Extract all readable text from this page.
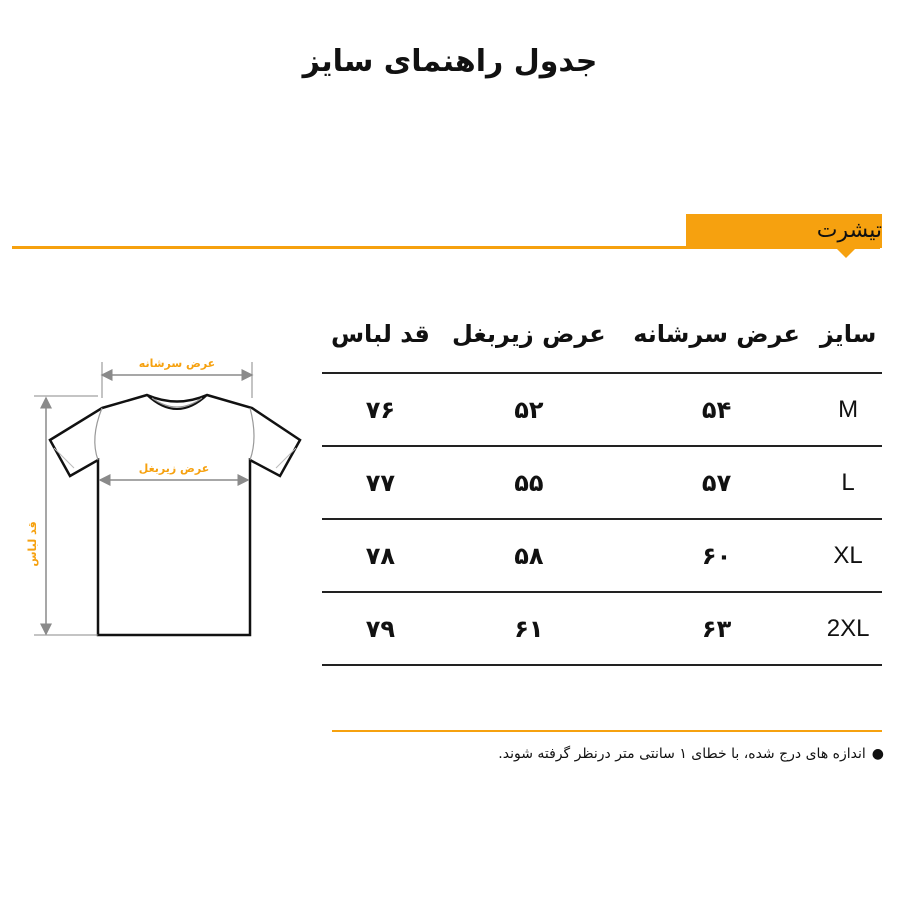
جدول راهنمای سایز
تیشرت
عرض سرشانه
عرض زیربغل
قد لباس
قد لباس	عرض زیربغل	عرض سرشانه	سایز
۷۶	۵۲	۵۴	M
۷۷	۵۵	۵۷	L
۷۸	۵۸	۶۰	XL
۷۹	۶۱	۶۳	2XL
●اندازه های درج شده، با خطای ۱ سانتی متر درنظر گرفته شوند.
